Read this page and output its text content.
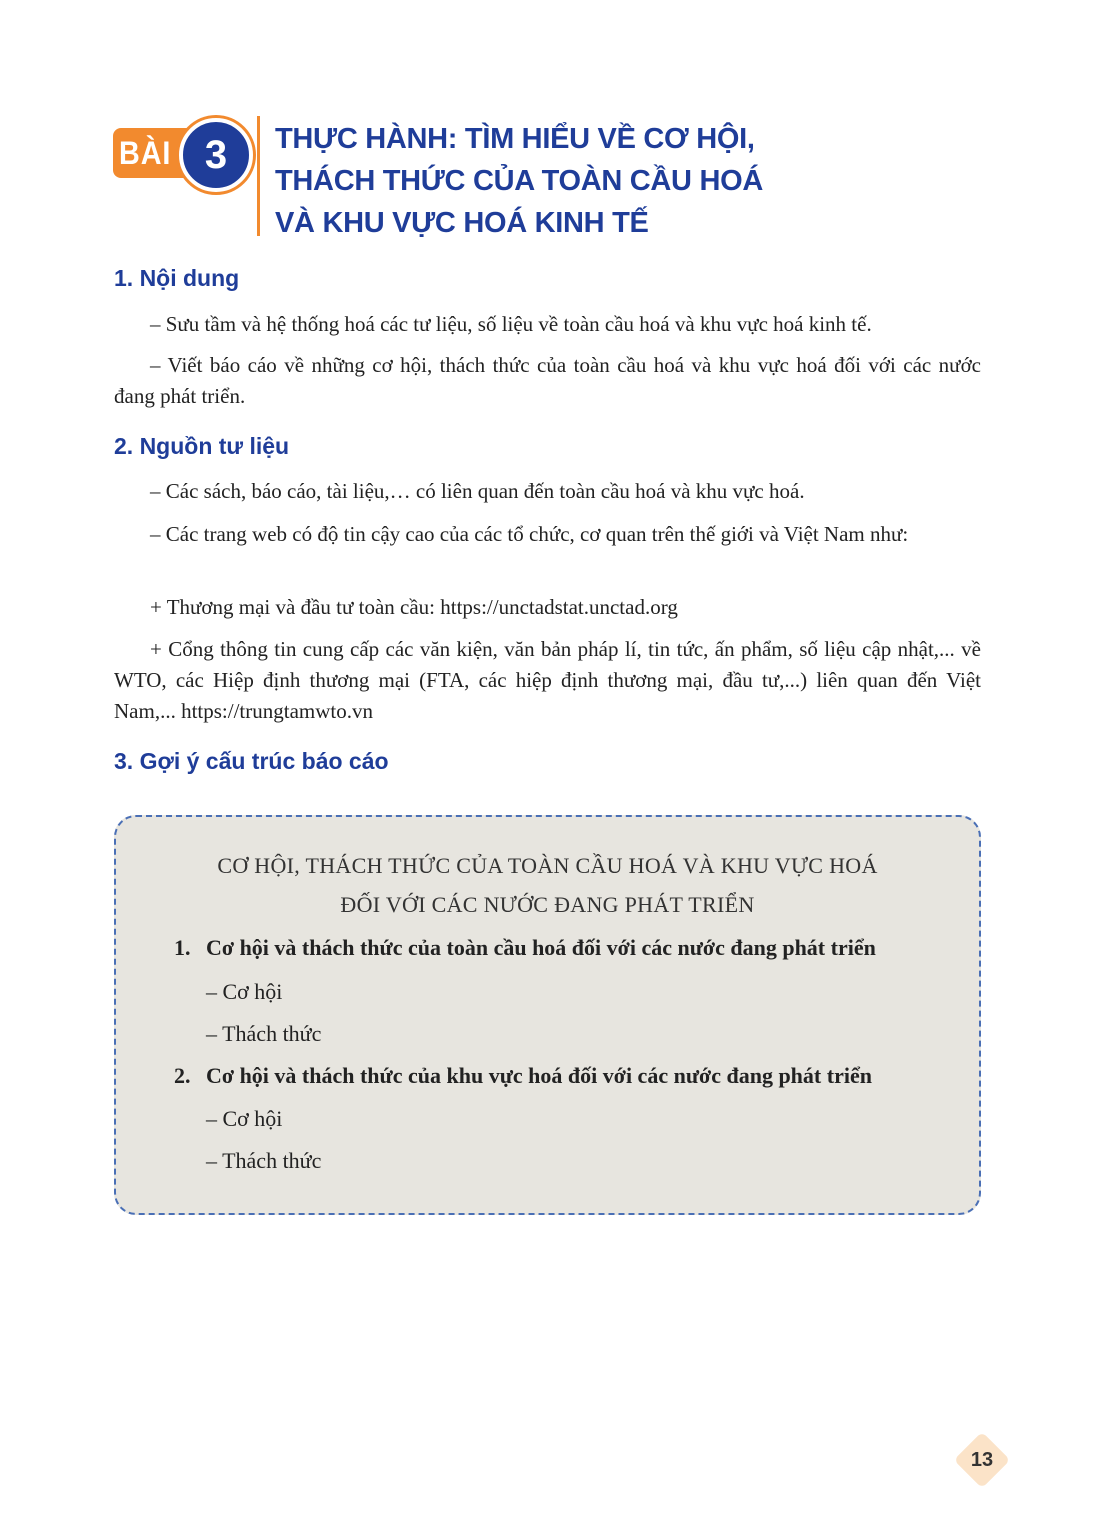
BÀI 3	THỰC HÀNH: TÌM HIỂU VỀ CƠ HỘI,
THÁCH THỨC CỦA TOÀN CẦU HOÁ
VÀ KHU VỰC HOÁ KINH TẾ
1. Nội dung
– Sưu tầm và hệ thống hoá các tư liệu, số liệu về toàn cầu hoá và khu vực hoá kinh tế.
– Viết báo cáo về những cơ hội, thách thức của toàn cầu hoá và khu vực hoá đối với các nước đang phát triển.
2. Nguồn tư liệu
– Các sách, báo cáo, tài liệu,… có liên quan đến toàn cầu hoá và khu vực hoá.
– Các trang web có độ tin cậy cao của các tổ chức, cơ quan trên thế giới và Việt Nam như:
+ Thương mại và đầu tư toàn cầu: https://unctadstat.unctad.org
+ Cổng thông tin cung cấp các văn kiện, văn bản pháp lí, tin tức, ấn phẩm, số liệu cập nhật,... về WTO, các Hiệp định thương mại (FTA, các hiệp định thương mại, đầu tư,...) liên quan đến Việt Nam,... https://trungtamwto.vn
3. Gợi ý cấu trúc báo cáo
CƠ HỘI, THÁCH THỨC CỦA TOÀN CẦU HOÁ VÀ KHU VỰC HOÁ
ĐỐI VỚI CÁC NƯỚC ĐANG PHÁT TRIỂN
1. Cơ hội và thách thức của toàn cầu hoá đối với các nước đang phát triển
– Cơ hội
– Thách thức
2. Cơ hội và thách thức của khu vực hoá đối với các nước đang phát triển
– Cơ hội
– Thách thức
13
